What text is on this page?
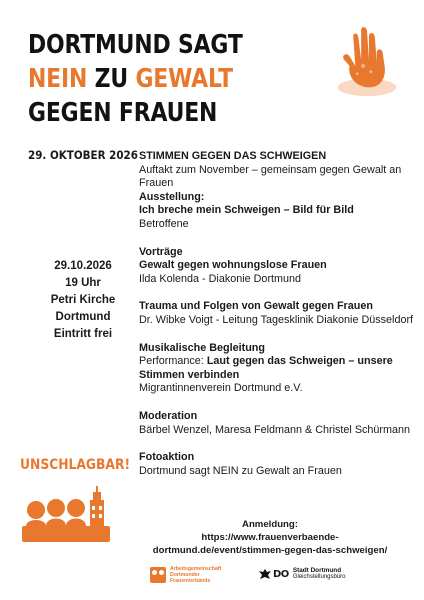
DORTMUND SAGT
NEIN ZU GEWALT
GEGEN FRAUEN
29. OKTOBER 2026
29.10.2026
19 Uhr
Petri Kirche
Dortmund
Eintritt frei
STIMMEN GEGEN DAS SCHWEIGEN
Auftakt zum November – gemeinsam gegen Gewalt an Frauen
Ausstellung:
Ich breche mein Schweigen – Bild für Bild
Betroffene
Vorträge
Gewalt gegen wohnungslose Frauen
Ilda Kolenda - Diakonie Dortmund
Trauma und Folgen von Gewalt gegen Frauen
Dr. Wibke Voigt - Leitung Tagesklinik Diakonie Düsseldorf
Musikalische Begleitung
Performance: Laut gegen das Schweigen – unsere Stimmen verbinden
Migrantinnenverein Dortmund e.V.
Moderation
Bärbel Wenzel, Maresa Feldmann & Christel Schürmann
Fotoaktion
Dortmund sagt NEIN zu Gewalt an Frauen
UNSCHLAGBAR!
Anmeldung:
https://www.frauenverbaende-
dortmund.de/event/stimmen-gegen-das-schweigen/
Arbeitsgemeinschaft
Dortmunder
Frauenverbände
DO Stadt Dortmund
Gleichstellungsbüro
